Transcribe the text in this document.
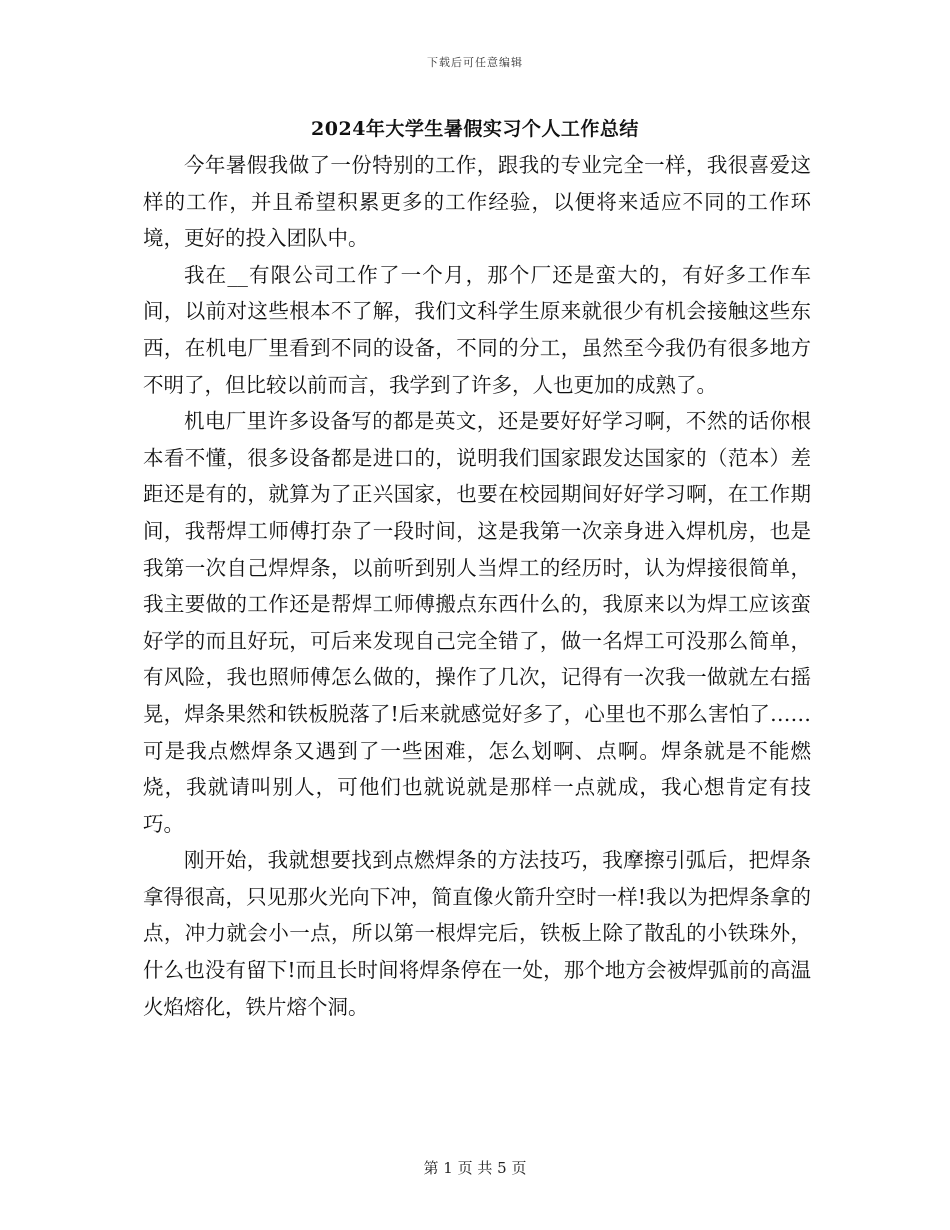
下载后可任意编辑
2024年大学生暑假实习个人工作总结

今年暑假我做了一份特别的工作，跟我的专业完全一样，我很喜爱这样的工作，并且希望积累更多的工作经验，以便将来适应不同的工作环境，更好的投入团队中。

我在__有限公司工作了一个月，那个厂还是蛮大的，有好多工作车间，以前对这些根本不了解，我们文科学生原来就很少有机会接触这些东西，在机电厂里看到不同的设备，不同的分工，虽然至今我仍有很多地方不明了，但比较以前而言，我学到了许多，人也更加的成熟了。

机电厂里许多设备写的都是英文，还是要好好学习啊，不然的话你根本看不懂，很多设备都是进口的，说明我们国家跟发达国家的（范本）差距还是有的，就算为了正兴国家，也要在校园期间好好学习啊，在工作期间，我帮焊工师傅打杂了一段时间，这是我第一次亲身进入焊机房，也是我第一次自己焊焊条，以前听到别人当焊工的经历时，认为焊接很简单，我主要做的工作还是帮焊工师傅搬点东西什么的，我原来以为焊工应该蛮好学的而且好玩，可后来发现自己完全错了，做一名焊工可没那么简单，有风险，我也照师傅怎么做的，操作了几次，记得有一次我一做就左右摇晃，焊条果然和铁板脱落了!后来就感觉好多了，心里也不那么害怕了……可是我点燃焊条又遇到了一些困难，怎么划啊、点啊。焊条就是不能燃烧，我就请叫别人，可他们也就说就是那样一点就成，我心想肯定有技巧。

刚开始，我就想要找到点燃焊条的方法技巧，我摩擦引弧后，把焊条拿得很高，只见那火光向下冲，简直像火箭升空时一样!我以为把焊条拿的点，冲力就会小一点，所以第一根焊完后，铁板上除了散乱的小铁珠外，什么也没有留下!而且长时间将焊条停在一处，那个地方会被焊弧前的高温火焰熔化，铁片熔个洞。

第 1 页 共 5 页
